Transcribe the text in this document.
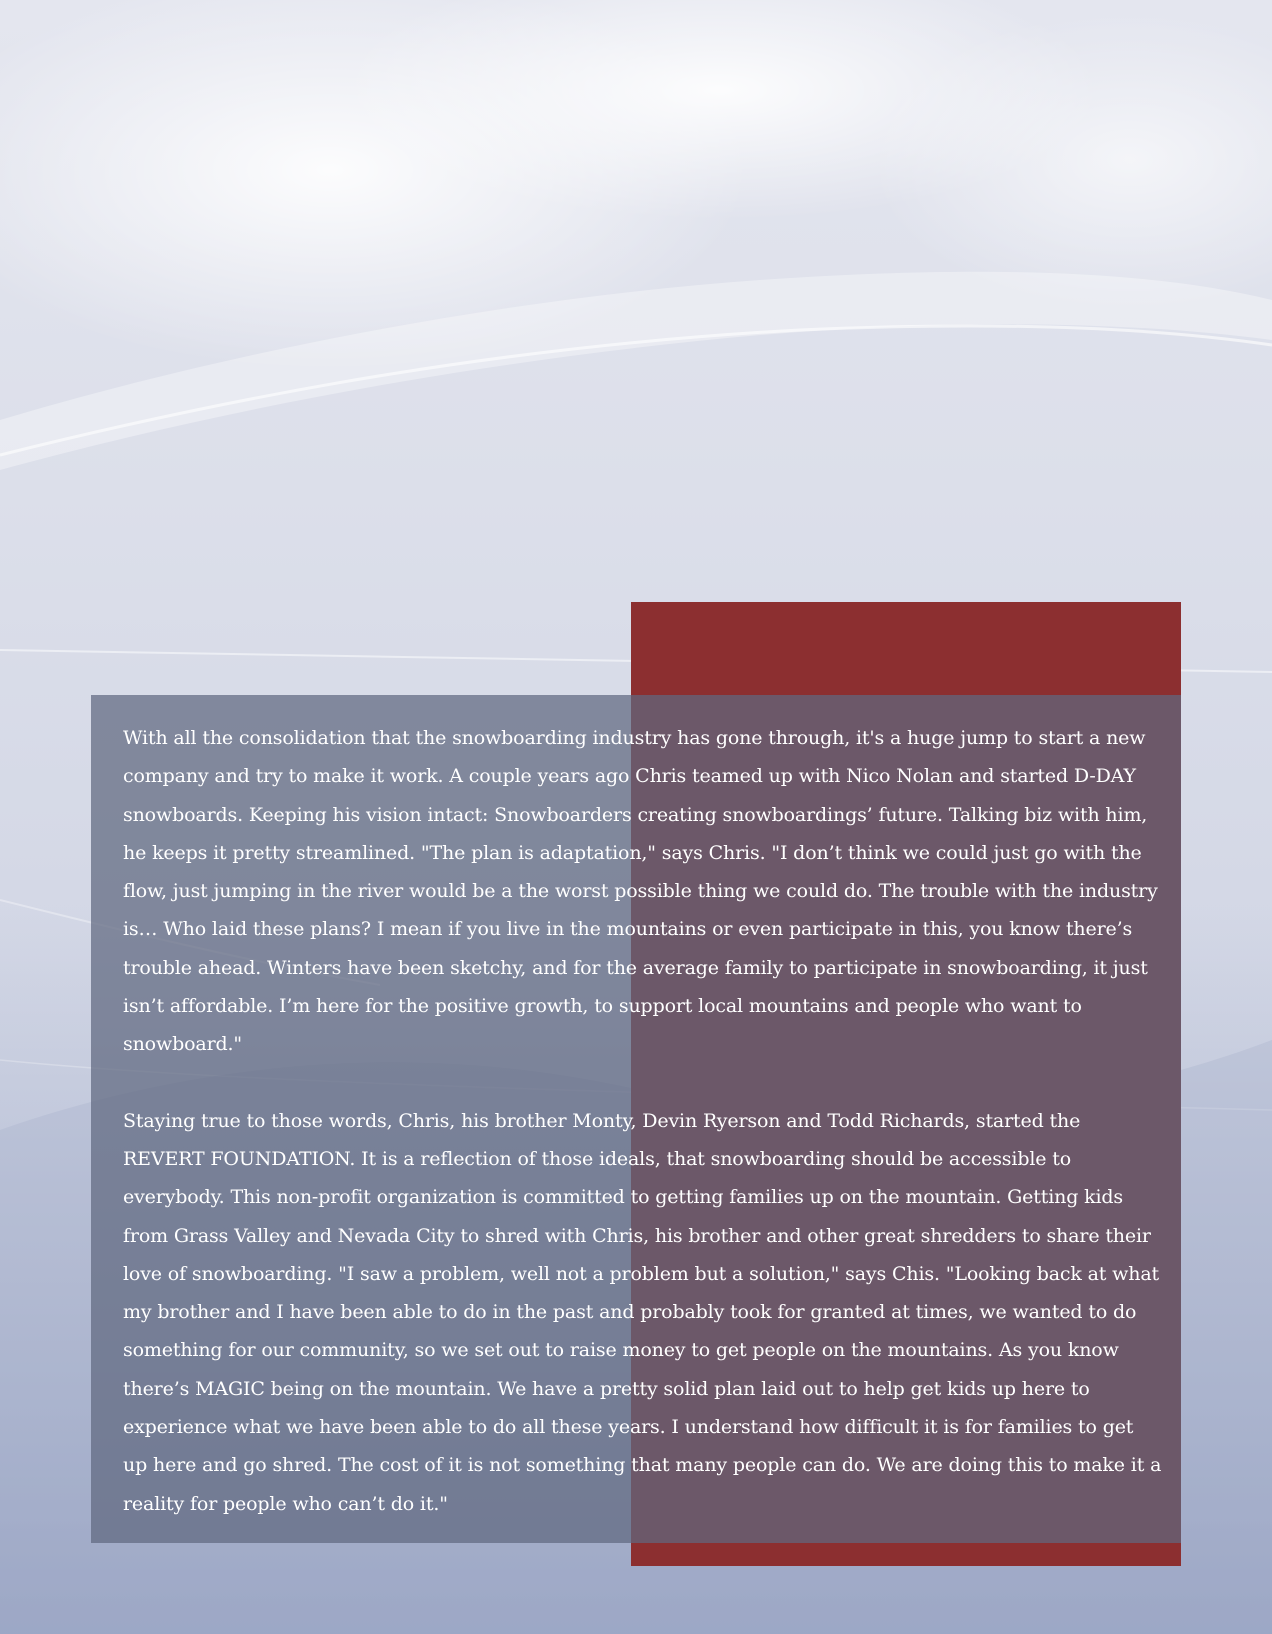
With all the consolidation that the snowboarding industry has gone through, it's a huge jump to start a new company and try to make it work. A couple years ago Chris teamed up with Nico Nolan and started D-DAY snowboards. Keeping his vision intact: Snowboarders creating snowboardings’ future. Talking biz with him, he keeps it pretty streamlined. "The plan is adaptation," says Chris. "I don’t think we could just go with the flow, just jumping in the river would be a the worst possible thing we could do. The trouble with the industry is… Who laid these plans? I mean if you live in the mountains or even participate in this, you know there’s trouble ahead. Winters have been sketchy, and for the average family to participate in snowboarding, it just isn’t affordable. I’m here for the positive growth, to support local mountains and people who want to snowboard."

Staying true to those words, Chris, his brother Monty, Devin Ryerson and Todd Richards, started the REVERT FOUNDATION. It is a reflection of those ideals, that snowboarding should be accessible to everybody. This non-profit organization is committed to getting families up on the mountain. Getting kids from Grass Valley and Nevada City to shred with Chris, his brother and other great shredders to share their love of snowboarding. "I saw a problem, well not a problem but a solution," says Chis. "Looking back at what my brother and I have been able to do in the past and probably took for granted at times, we wanted to do something for our community, so we set out to raise money to get people on the mountains. As you know there’s MAGIC being on the mountain. We have a pretty solid plan laid out to help get kids up here to experience what we have been able to do all these years. I understand how difficult it is for families to get up here and go shred. The cost of it is not something that many people can do. We are doing this to make it a reality for people who can’t do it."
